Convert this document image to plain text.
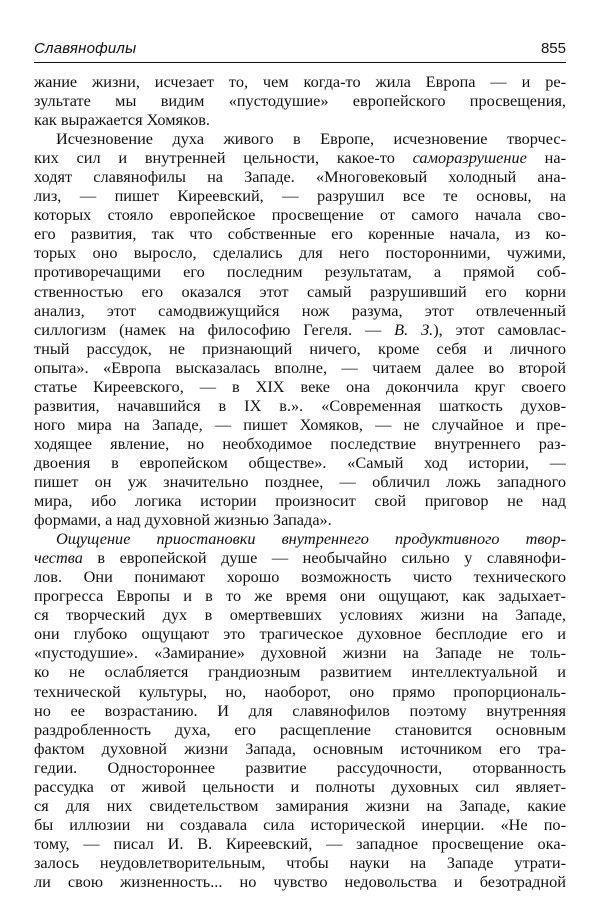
Славянофилы	855
жание жизни, исчезает то, чем когда-то жила Европа — и ре-
зультате мы видим «пустодушие» европейского просвещения,
как выражается Хомяков.
Исчезновение духа живого в Европе, исчезновение творчес-
ких сил и внутренней цельности, какое-то саморазрушение на-
ходят славянофилы на Западе. «Многовековый холодный ана-
лиз, — пишет Киреевский, — разрушил все те основы, на
которых стояло европейское просвещение от самого начала сво-
его развития, так что собственные его коренные начала, из ко-
торых оно выросло, сделались для него посторонними, чужими,
противоречащими его последним результатам, а прямой соб-
ственностью его оказался этот самый разрушивший его корни
анализ, этот самодвижущийся нож разума, этот отвлеченный
силлогизм (намек на философию Гегеля. — В. З.), этот самовлас-
тный рассудок, не признающий ничего, кроме себя и личного
опыта». «Европа высказалась вполне, — читаем далее во второй
статье Киреевского, — в XIX веке она докончила круг своего
развития, начавшийся в IX в.». «Современная шаткость духов-
ного мира на Западе, — пишет Хомяков, — не случайное и пре-
ходящее явление, но необходимое последствие внутреннего раз-
двоения в европейском обществе». «Самый ход истории, —
пишет он уж значительно позднее, — обличил ложь западного
мира, ибо логика истории произносит свой приговор не над
формами, а над духовной жизнью Запада».
Ощущение приостановки внутреннего продуктивного твор-
чества в европейской душе — необычайно сильно у славянофи-
лов. Они понимают хорошо возможность чисто технического
прогресса Европы и в то же время они ощущают, как задыхает-
ся творческий дух в омертвевших условиях жизни на Западе,
они глубоко ощущают это трагическое духовное бесплодие его и
«пустодушие». «Замирание» духовной жизни на Западе не толь-
ко не ослабляется грандиозным развитием интеллектуальной и
технической культуры, но, наоборот, оно прямо пропорциональ-
но ее возрастанию. И для славянофилов поэтому внутренняя
раздробленность духа, его расщепление становится основным
фактом духовной жизни Запада, основным источником его тра-
гедии. Одностороннее развитие рассудочности, оторванность
рассудка от живой цельности и полноты духовных сил являет-
ся для них свидетельством замирания жизни на Западе, какие
бы иллюзии ни создавала сила исторической инерции. «Не по-
тому, — писал И. В. Киреевский, — западное просвещение ока-
залось неудовлетворительным, чтобы науки на Западе утрати-
ли свою жизненность... но чувство недовольства и безотрадной
